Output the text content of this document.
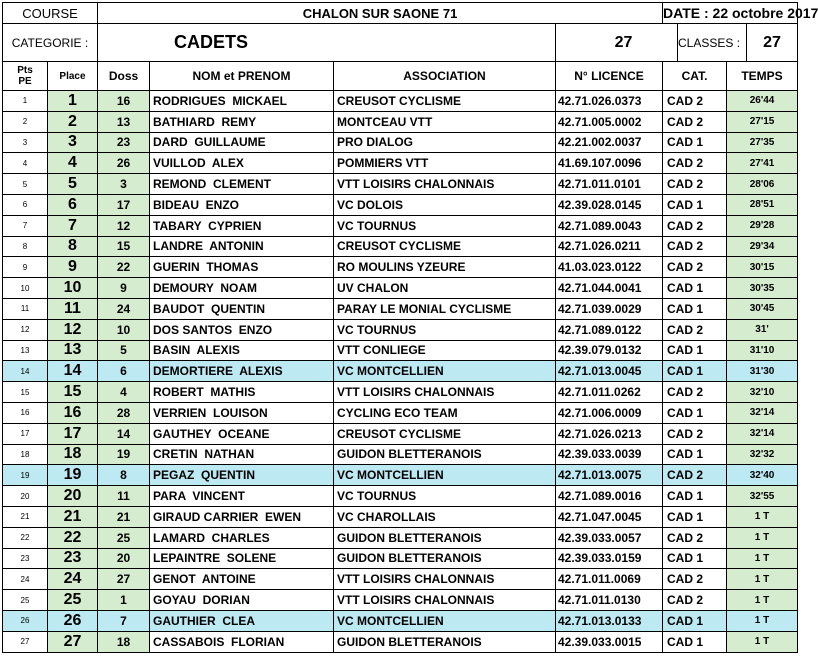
COURSE		CHALON SUR SAONE 71				DATE : 22 octobre 2017	
CATEGORIE :		CADETS			27 CLASSES : 27		

Pts
PE	Place	Doss	NOM et PRENOM	ASSOCIATION	N° LICENCE	CAT.	TEMPS
1	1	16	RODRIGUES  MICKAEL	CREUSOT CYCLISME	42.71.026.0373	CAD 2	26'44
2	2	13	BATHIARD  REMY	MONTCEAU VTT	42.71.005.0002	CAD 2	27'15
3	3	23	DARD  GUILLAUME	PRO DIALOG	42.21.002.0037	CAD 1	27'35
4	4	26	VUILLOD  ALEX	POMMIERS VTT	41.69.107.0096	CAD 2	27'41
5	5	3	REMOND  CLEMENT	VTT LOISIRS CHALONNAIS	42.71.011.0101	CAD 2	28'06
6	6	17	BIDEAU  ENZO	VC DOLOIS	42.39.028.0145	CAD 1	28'51
7	7	12	TABARY  CYPRIEN	VC TOURNUS	42.71.089.0043	CAD 2	29'28
8	8	15	LANDRE  ANTONIN	CREUSOT CYCLISME	42.71.026.0211	CAD 2	29'34
9	9	22	GUERIN  THOMAS	RO MOULINS YZEURE	41.03.023.0122	CAD 2	30'15
10	10	9	DEMOURY  NOAM	UV CHALON	42.71.044.0041	CAD 1	30'35
11	11	24	BAUDOT  QUENTIN	PARAY LE MONIAL CYCLISME	42.71.039.0029	CAD 1	30'45
12	12	10	DOS SANTOS  ENZO	VC TOURNUS	42.71.089.0122	CAD 2	31'
13	13	5	BASIN  ALEXIS	VTT CONLIEGE	42.39.079.0132	CAD 1	31'10
14	14	6	DEMORTIERE  ALEXIS	VC MONTCELLIEN	42.71.013.0045	CAD 1	31'30
15	15	4	ROBERT  MATHIS	VTT LOISIRS CHALONNAIS	42.71.011.0262	CAD 2	32'10
16	16	28	VERRIEN  LOUISON	CYCLING ECO TEAM	42.71.006.0009	CAD 1	32'14
17	17	14	GAUTHEY  OCEANE	CREUSOT CYCLISME	42.71.026.0213	CAD 2	32'14
18	18	19	CRETIN  NATHAN	GUIDON BLETTERANOIS	42.39.033.0039	CAD 1	32'32
19	19	8	PEGAZ  QUENTIN	VC MONTCELLIEN	42.71.013.0075	CAD 2	32'40
20	20	11	PARA  VINCENT	VC TOURNUS	42.71.089.0016	CAD 1	32'55
21	21	21	GIRAUD CARRIER  EWEN	VC CHAROLLAIS	42.71.047.0045	CAD 1	1 T
22	22	25	LAMARD  CHARLES	GUIDON BLETTERANOIS	42.39.033.0057	CAD 2	1 T
23	23	20	LEPAINTRE  SOLENE	GUIDON BLETTERANOIS	42.39.033.0159	CAD 1	1 T
24	24	27	GENOT  ANTOINE	VTT LOISIRS CHALONNAIS	42.71.011.0069	CAD 2	1 T
25	25	1	GOYAU  DORIAN	VTT LOISIRS CHALONNAIS	42.71.011.0130	CAD 2	1 T
26	26	7	GAUTHIER  CLEA	VC MONTCELLIEN	42.71.013.0133	CAD 1	1 T
27	27	18	CASSABOIS  FLORIAN	GUIDON BLETTERANOIS	42.39.033.0015	CAD 1	1 T
